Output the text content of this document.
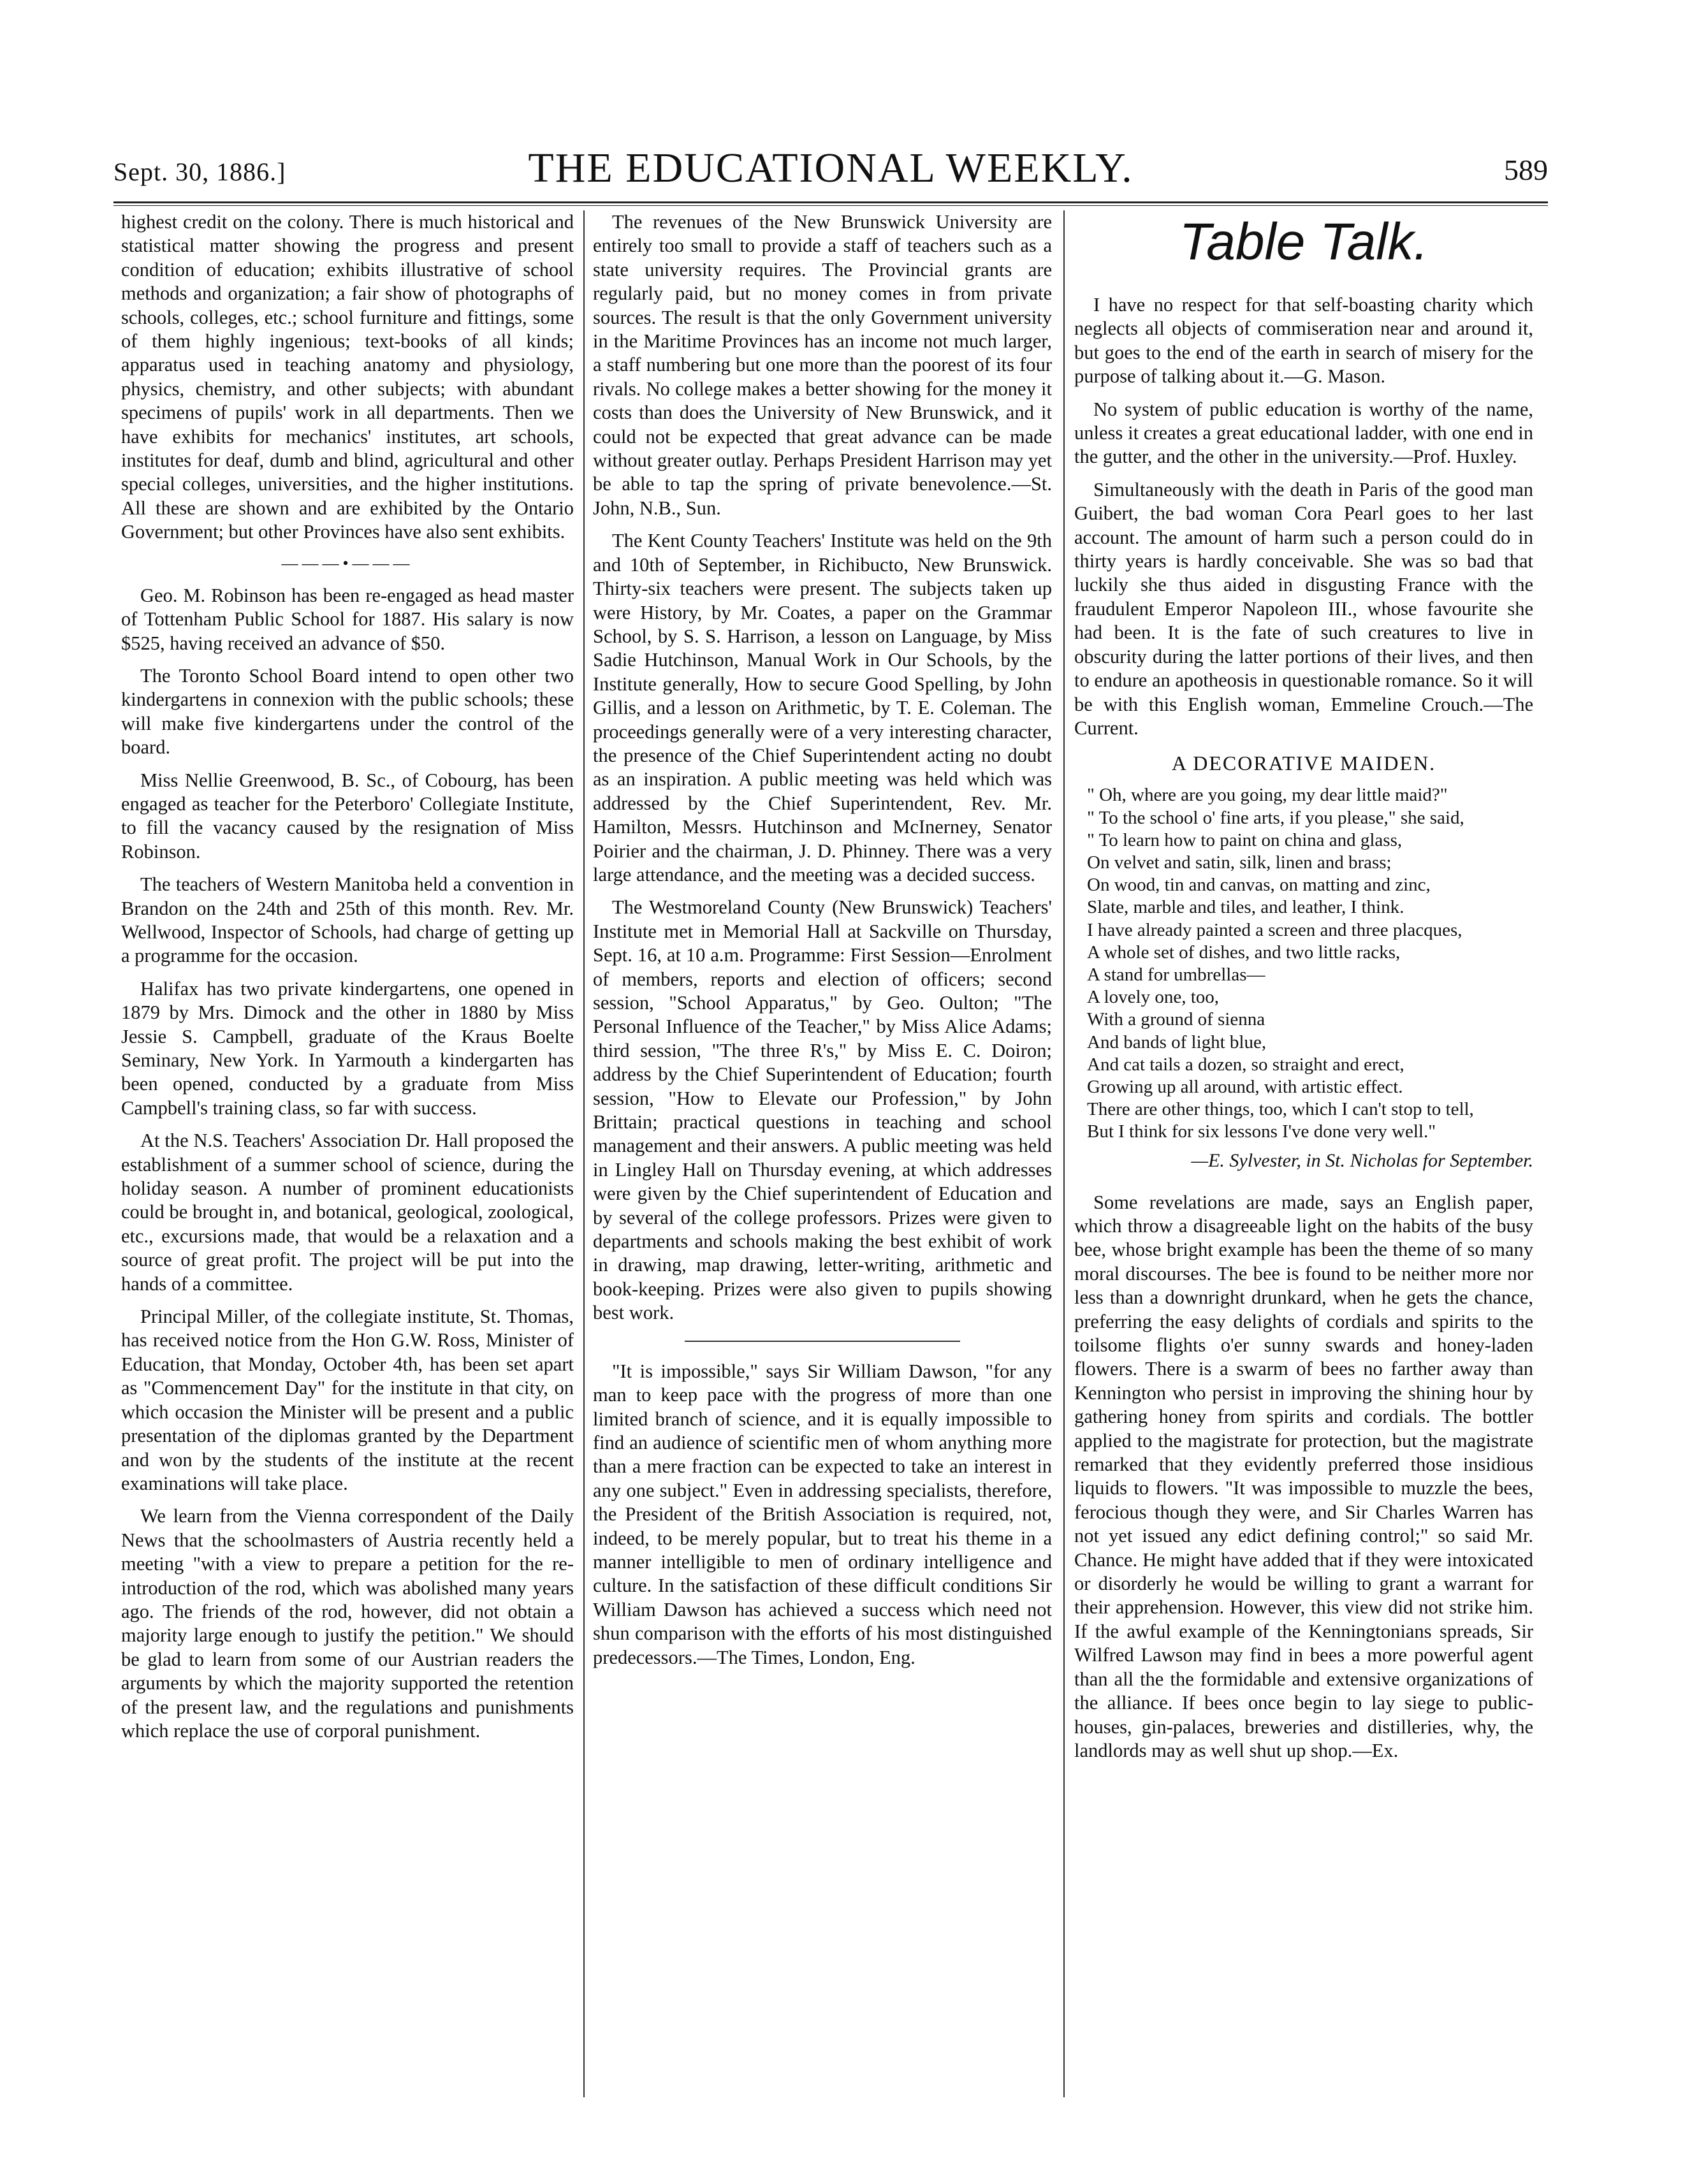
Sept. 30, 1886.]	THE EDUCATIONAL WEEKLY.	589

highest credit on the colony. There is much historical and statistical matter showing the progress and present condition of education; exhibits illustrative of school methods and organization; a fair show of photographs of schools, colleges, etc.; school furniture and fittings, some of them highly ingenious; text-books of all kinds; apparatus used in teaching anatomy and physiology, physics, chemistry, and other subjects; with abundant specimens of pupils' work in all departments. Then we have exhibits for mechanics' institutes, art schools, institutes for deaf, dumb and blind, agricultural and other special colleges, universities, and the higher institutions. All these are shown and are exhibited by the Ontario Government; but other Provinces have also sent exhibits.

———•———

Geo. M. Robinson has been re-engaged as head master of Tottenham Public School for 1887. His salary is now $525, having received an advance of $50.

The Toronto School Board intend to open other two kindergartens in connexion with the public schools; these will make five kindergartens under the control of the board.

Miss Nellie Greenwood, B. Sc., of Cobourg, has been engaged as teacher for the Peterboro' Collegiate Institute, to fill the vacancy caused by the resignation of Miss Robinson.

The teachers of Western Manitoba held a convention in Brandon on the 24th and 25th of this month. Rev. Mr. Wellwood, Inspector of Schools, had charge of getting up a programme for the occasion.

Halifax has two private kindergartens, one opened in 1879 by Mrs. Dimock and the other in 1880 by Miss Jessie S. Campbell, graduate of the Kraus Boelte Seminary, New York. In Yarmouth a kindergarten has been opened, conducted by a graduate from Miss Campbell's training class, so far with success.

At the N.S. Teachers' Association Dr. Hall proposed the establishment of a summer school of science, during the holiday season. A number of prominent educationists could be brought in, and botanical, geological, zoological, etc., excursions made, that would be a relaxation and a source of great profit. The project will be put into the hands of a committee.

Principal Miller, of the collegiate institute, St. Thomas, has received notice from the Hon G.W. Ross, Minister of Education, that Monday, October 4th, has been set apart as "Commencement Day" for the institute in that city, on which occasion the Minister will be present and a public presentation of the diplomas granted by the Department and won by the students of the institute at the recent examinations will take place.

We learn from the Vienna correspondent of the Daily News that the schoolmasters of Austria recently held a meeting "with a view to prepare a petition for the re-introduction of the rod, which was abolished many years ago. The friends of the rod, however, did not obtain a majority large enough to justify the petition." We should be glad to learn from some of our Austrian readers the arguments by which the majority supported the retention of the present law, and the regulations and punishments which replace the use of corporal punishment.

The revenues of the New Brunswick University are entirely too small to provide a staff of teachers such as a state university requires. The Provincial grants are regularly paid, but no money comes in from private sources. The result is that the only Government university in the Maritime Provinces has an income not much larger, a staff numbering but one more than the poorest of its four rivals. No college makes a better showing for the money it costs than does the University of New Brunswick, and it could not be expected that great advance can be made without greater outlay. Perhaps President Harrison may yet be able to tap the spring of private benevolence.—St. John, N.B., Sun.

The Kent County Teachers' Institute was held on the 9th and 10th of September, in Richibucto, New Brunswick. Thirty-six teachers were present. The subjects taken up were History, by Mr. Coates, a paper on the Grammar School, by S. S. Harrison, a lesson on Language, by Miss Sadie Hutchinson, Manual Work in Our Schools, by the Institute generally, How to secure Good Spelling, by John Gillis, and a lesson on Arithmetic, by T. E. Coleman. The proceedings generally were of a very interesting character, the presence of the Chief Superintendent acting no doubt as an inspiration. A public meeting was held which was addressed by the Chief Superintendent, Rev. Mr. Hamilton, Messrs. Hutchinson and McInerney, Senator Poirier and the chairman, J. D. Phinney. There was a very large attendance, and the meeting was a decided success.

The Westmoreland County (New Brunswick) Teachers' Institute met in Memorial Hall at Sackville on Thursday, Sept. 16, at 10 a.m. Programme: First Session—Enrolment of members, reports and election of officers; second session, "School Apparatus," by Geo. Oulton; "The Personal Influence of the Teacher," by Miss Alice Adams; third session, "The three R's," by Miss E. C. Doiron; address by the Chief Superintendent of Education; fourth session, "How to Elevate our Profession," by John Brittain; practical questions in teaching and school management and their answers. A public meeting was held in Lingley Hall on Thursday evening, at which addresses were given by the Chief superintendent of Education and by several of the college professors. Prizes were given to departments and schools making the best exhibit of work in drawing, map drawing, letter-writing, arithmetic and book-keeping. Prizes were also given to pupils showing best work.

"It is impossible," says Sir William Dawson, "for any man to keep pace with the progress of more than one limited branch of science, and it is equally impossible to find an audience of scientific men of whom anything more than a mere fraction can be expected to take an interest in any one subject." Even in addressing specialists, therefore, the President of the British Association is required, not, indeed, to be merely popular, but to treat his theme in a manner intelligible to men of ordinary intelligence and culture. In the satisfaction of these difficult conditions Sir William Dawson has achieved a success which need not shun comparison with the efforts of his most distinguished predecessors.—The Times, London, Eng.

Table Talk.

I have no respect for that self-boasting charity which neglects all objects of commiseration near and around it, but goes to the end of the earth in search of misery for the purpose of talking about it.—G. Mason.

No system of public education is worthy of the name, unless it creates a great educational ladder, with one end in the gutter, and the other in the university.—Prof. Huxley.

Simultaneously with the death in Paris of the good man Guibert, the bad woman Cora Pearl goes to her last account. The amount of harm such a person could do in thirty years is hardly conceivable. She was so bad that luckily she thus aided in disgusting France with the fraudulent Emperor Napoleon III., whose favourite she had been. It is the fate of such creatures to live in obscurity during the latter portions of their lives, and then to endure an apotheosis in questionable romance. So it will be with this English woman, Emmeline Crouch.—The Current.

A DECORATIVE MAIDEN.
" Oh, where are you going, my dear little maid?"
" To the school o' fine arts, if you please," she said,
" To learn how to paint on china and glass,
On velvet and satin, silk, linen and brass;
On wood, tin and canvas, on matting and zinc,
Slate, marble and tiles, and leather, I think.
I have already painted a screen and three placques,
A whole set of dishes, and two little racks,
A stand for umbrellas—
A lovely one, too,
With a ground of sienna
And bands of light blue,
And cat tails a dozen, so straight and erect,
Growing up all around, with artistic effect.
There are other things, too, which I can't stop to tell,
But I think for six lessons I've done very well."
—E. Sylvester, in St. Nicholas for September.

Some revelations are made, says an English paper, which throw a disagreeable light on the habits of the busy bee, whose bright example has been the theme of so many moral discourses. The bee is found to be neither more nor less than a downright drunkard, when he gets the chance, preferring the easy delights of cordials and spirits to the toilsome flights o'er sunny swards and honey-laden flowers. There is a swarm of bees no farther away than Kennington who persist in improving the shining hour by gathering honey from spirits and cordials. The bottler applied to the magistrate for protection, but the magistrate remarked that they evidently preferred those insidious liquids to flowers. "It was impossible to muzzle the bees, ferocious though they were, and Sir Charles Warren has not yet issued any edict defining control;" so said Mr. Chance. He might have added that if they were intoxicated or disorderly he would be willing to grant a warrant for their apprehension. However, this view did not strike him. If the awful example of the Kenningtonians spreads, Sir Wilfred Lawson may find in bees a more powerful agent than all the the formidable and extensive organizations of the alliance. If bees once begin to lay siege to public-houses, gin-palaces, breweries and distilleries, why, the landlords may as well shut up shop.—Ex.
